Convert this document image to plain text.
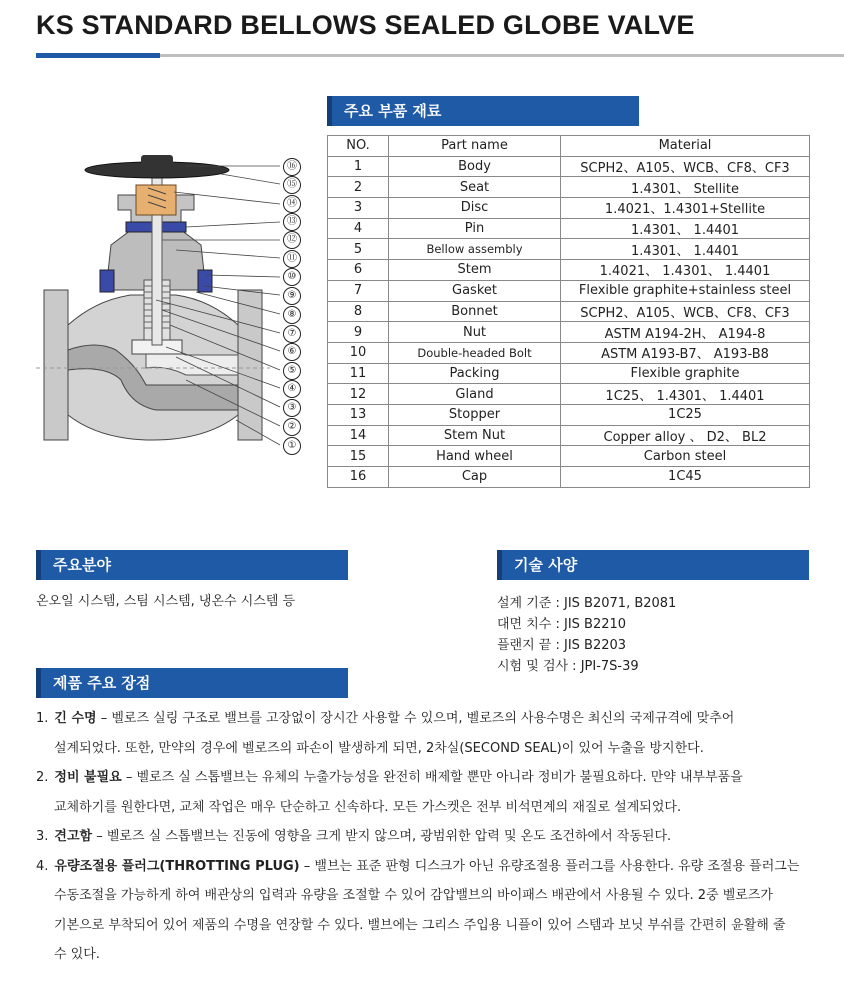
KS STANDARD BELLOWS SEALED GLOBE VALVE
⑯
⑮
⑭
⑬
⑫
⑪
⑩
⑨
⑧
⑦
⑥
⑤
④
③
②
①
주요 부품 재료
NO.	Part name	Material
1	Body	SCPH2、A105、WCB、CF8、CF3
2	Seat	1.4301、 Stellite
3	Disc	1.4021、1.4301+Stellite
4	Pin	1.4301、 1.4401
5	Bellow assembly	1.4301、 1.4401
6	Stem	1.4021、 1.4301、 1.4401
7	Gasket	Flexible graphite+stainless steel
8	Bonnet	SCPH2、A105、WCB、CF8、CF3
9	Nut	ASTM A194-2H、 A194-8
10	Double-headed Bolt	ASTM A193-B7、 A193-B8
11	Packing	Flexible graphite
12	Gland	1C25、 1.4301、 1.4401
13	Stopper	1C25
14	Stem Nut	Copper alloy 、 D2、 BL2
15	Hand wheel	Carbon steel
16	Cap	1C45
주요분야
온오일 시스템, 스팀 시스템, 냉온수 시스템 등
기술 사양
설계 기준 : JIS B2071, B2081
대면 치수 : JIS B2210
플랜지 끝 : JIS B2203
시험 및 검사 : JPI-7S-39
제품 주요 장점
1. 긴 수명 – 벨로즈 실링 구조로 밸브를 고장없이 장시간 사용할 수 있으며, 벨로즈의 사용수명은 최신의 국제규격에 맞추어
설계되었다. 또한, 만약의 경우에 벨로즈의 파손이 발생하게 되면, 2차실(SECOND SEAL)이 있어 누출을 방지한다.
2. 정비 불필요 – 벨로즈 실 스톱밸브는 유체의 누출가능성을 완전히 배제할 뿐만 아니라 정비가 불필요하다. 만약 내부부품을
교체하기를 원한다면, 교체 작업은 매우 단순하고 신속하다. 모든 가스켓은 전부 비석면계의 재질로 설계되었다.
3. 견고함 – 벨로즈 실 스톱밸브는 진동에 영향을 크게 받지 않으며, 광범위한 압력 및 온도 조건하에서 작동된다.
4. 유량조절용 플러그(THROTTING PLUG) – 밸브는 표준 판형 디스크가 아닌 유량조절용 플러그를 사용한다. 유량 조절용 플러그는
수동조절을 가능하게 하여 배관상의 입력과 유량을 조절할 수 있어 감압밸브의 바이패스 배관에서 사용될 수 있다. 2중 벨로즈가
기본으로 부착되어 있어 제품의 수명을 연장할 수 있다. 밸브에는 그리스 주입용 니플이 있어 스템과 보닛 부쉬를 간편히 윤활해 줄
수 있다.
